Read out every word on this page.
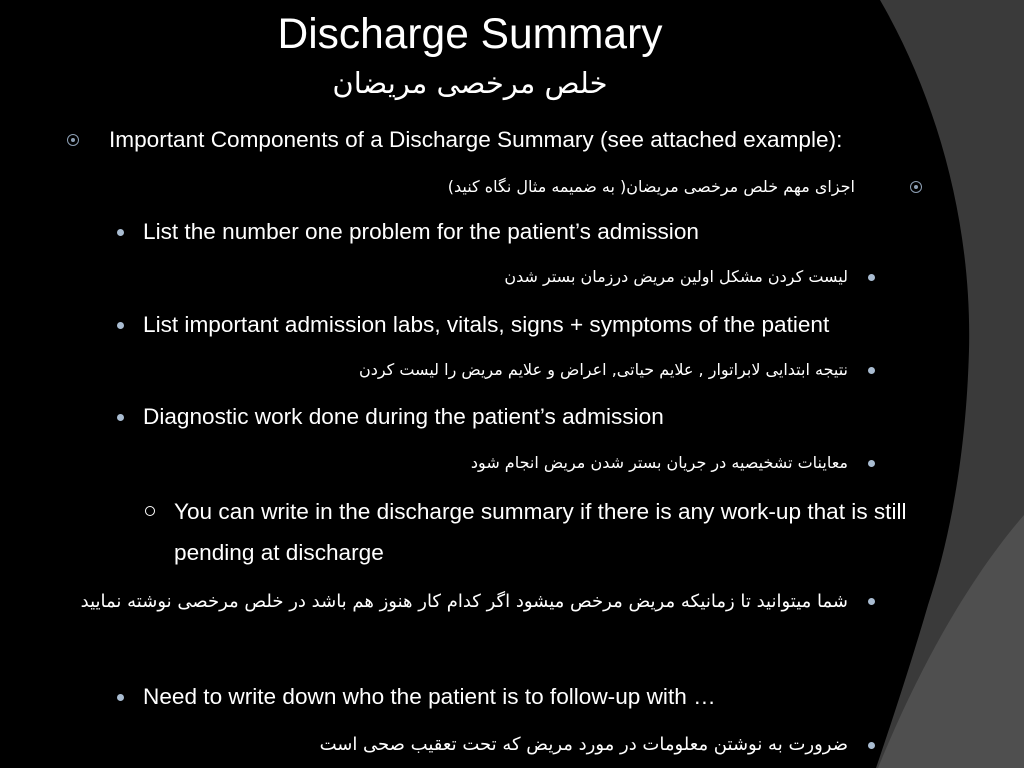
Discharge Summary
خلص مرخصی مریضان
Important Components of a Discharge Summary (see attached example):
اجزای مهم خلص مرخصی مریضان( به ضمیمه مثال نگاه کنید)
List the number one problem for the patient’s admission
لیست کردن مشکل اولین مریض درزمان بستر شدن
List important admission labs, vitals, signs + symptoms of the patient
نتیجه ابتدایی لابراتوار , علایم حیاتی, اعراض و علایم مریض را لیست کردن
Diagnostic work done during the patient’s admission
معاینات تشخیصیه در جریان بستر شدن مریض انجام شود
You can write in the discharge summary if there is any work-up that is still pending at discharge
شما میتوانید تا زمانیکه مریض مرخص میشود اگر کدام کار هنوز هم باشد در خلص مرخصی نوشته نمایید
Need to write down who the patient is to follow-up with …
ضرورت به نوشتن معلومات در مورد مریض که تحت تعقیب صحی است
